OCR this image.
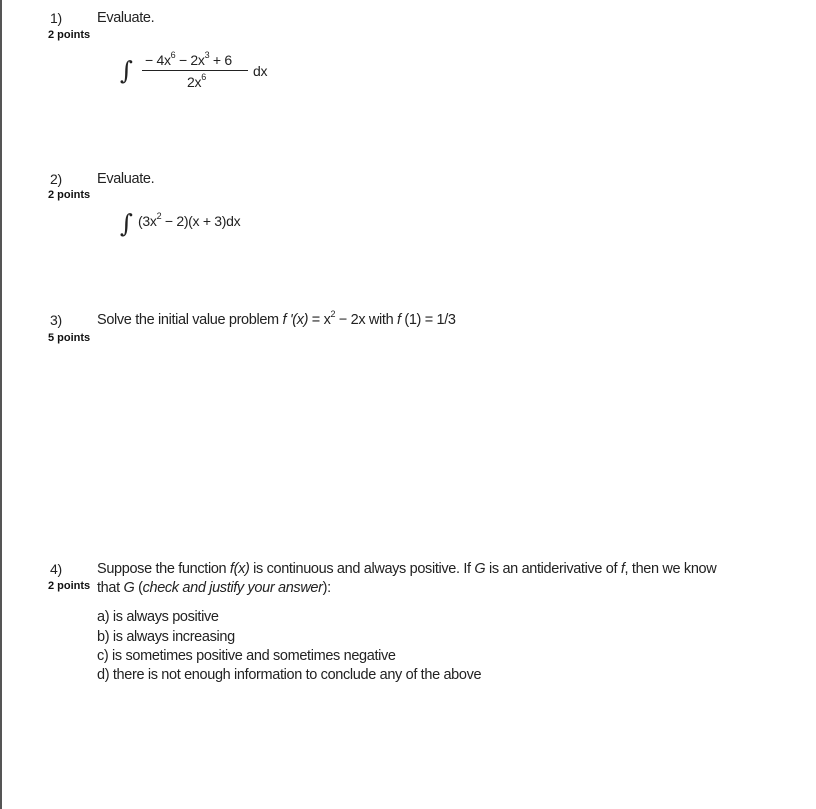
1)
2 points
Evaluate.
∫ − $4x^6 - 2x^3 + 6$
$2x^6$	dx
2)
2 points
Evaluate.
∫ $(3x^2 - 2)(x + 3)dx$
3)
5 points
Solve the initial value problem f '$(x) = x^2 - 2x$ with f (1) = 1/3
4)
2 points
Suppose the function f(x) is continuous and always positive. If G is an antiderivative of f, then we know
that G (check and justify your answer):
a) is always positive
b) is always increasing
c) is sometimes positive and sometimes negative
d) there is not enough information to conclude any of the above
